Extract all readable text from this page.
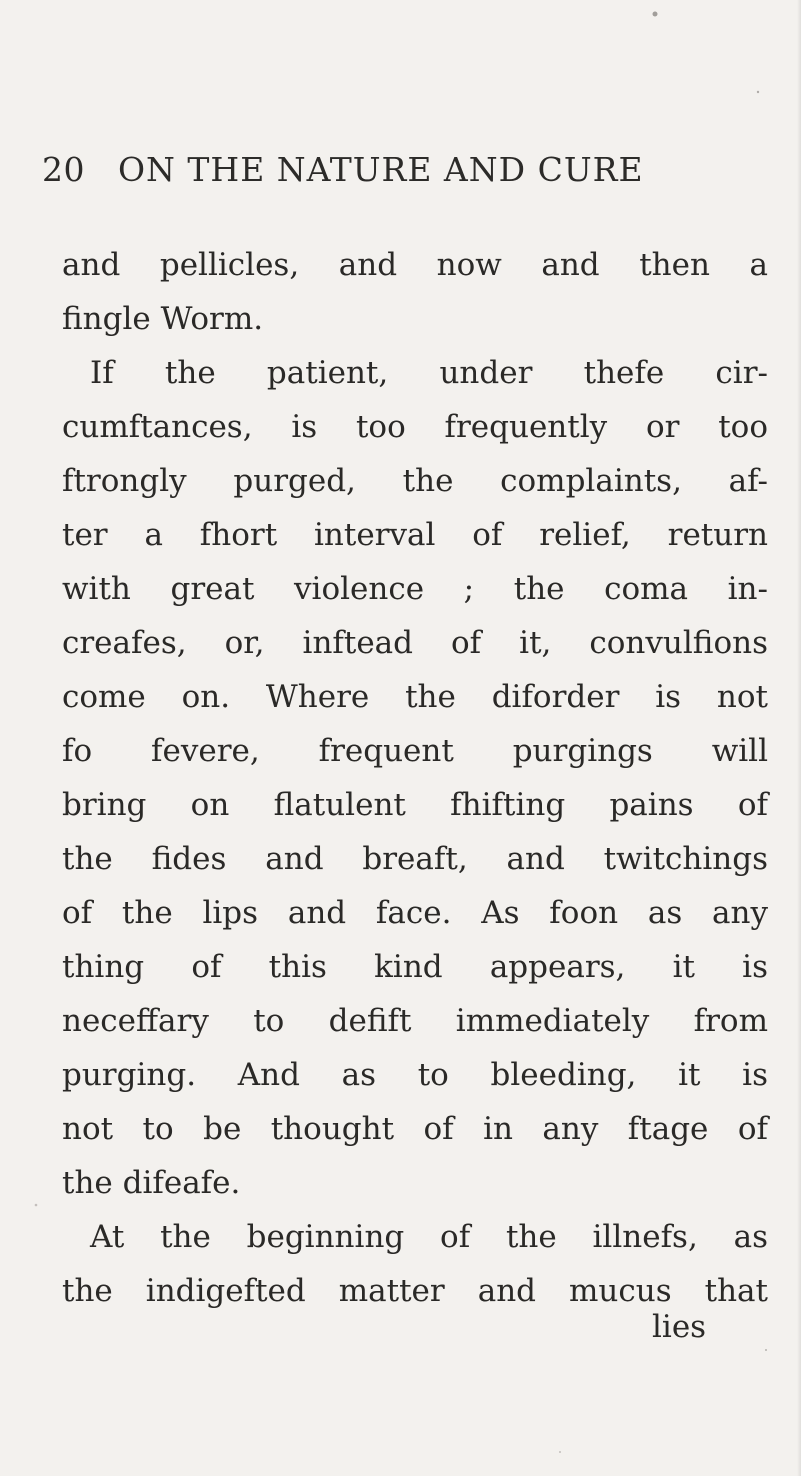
20 ON THE NATURE AND CURE
and pellicles, and now and then a
fingle Worm.
If the patient, under thefe cir-
cumftances, is too frequently or too
ftrongly purged, the complaints, af-
ter a fhort interval of relief, return
with great violence ; the coma in-
creafes, or, inftead of it, convulfions
come on. Where the diforder is not
fo fevere, frequent purgings will
bring on flatulent fhifting pains of
the fides and breaft, and twitchings
of the lips and face. As foon as any
thing of this kind appears, it is
neceffary to defift immediately from
purging. And as to bleeding, it is
not to be thought of in any ftage of
the difeafe.
At the beginning of the illnefs, as
the indigefted matter and mucus that
lies
